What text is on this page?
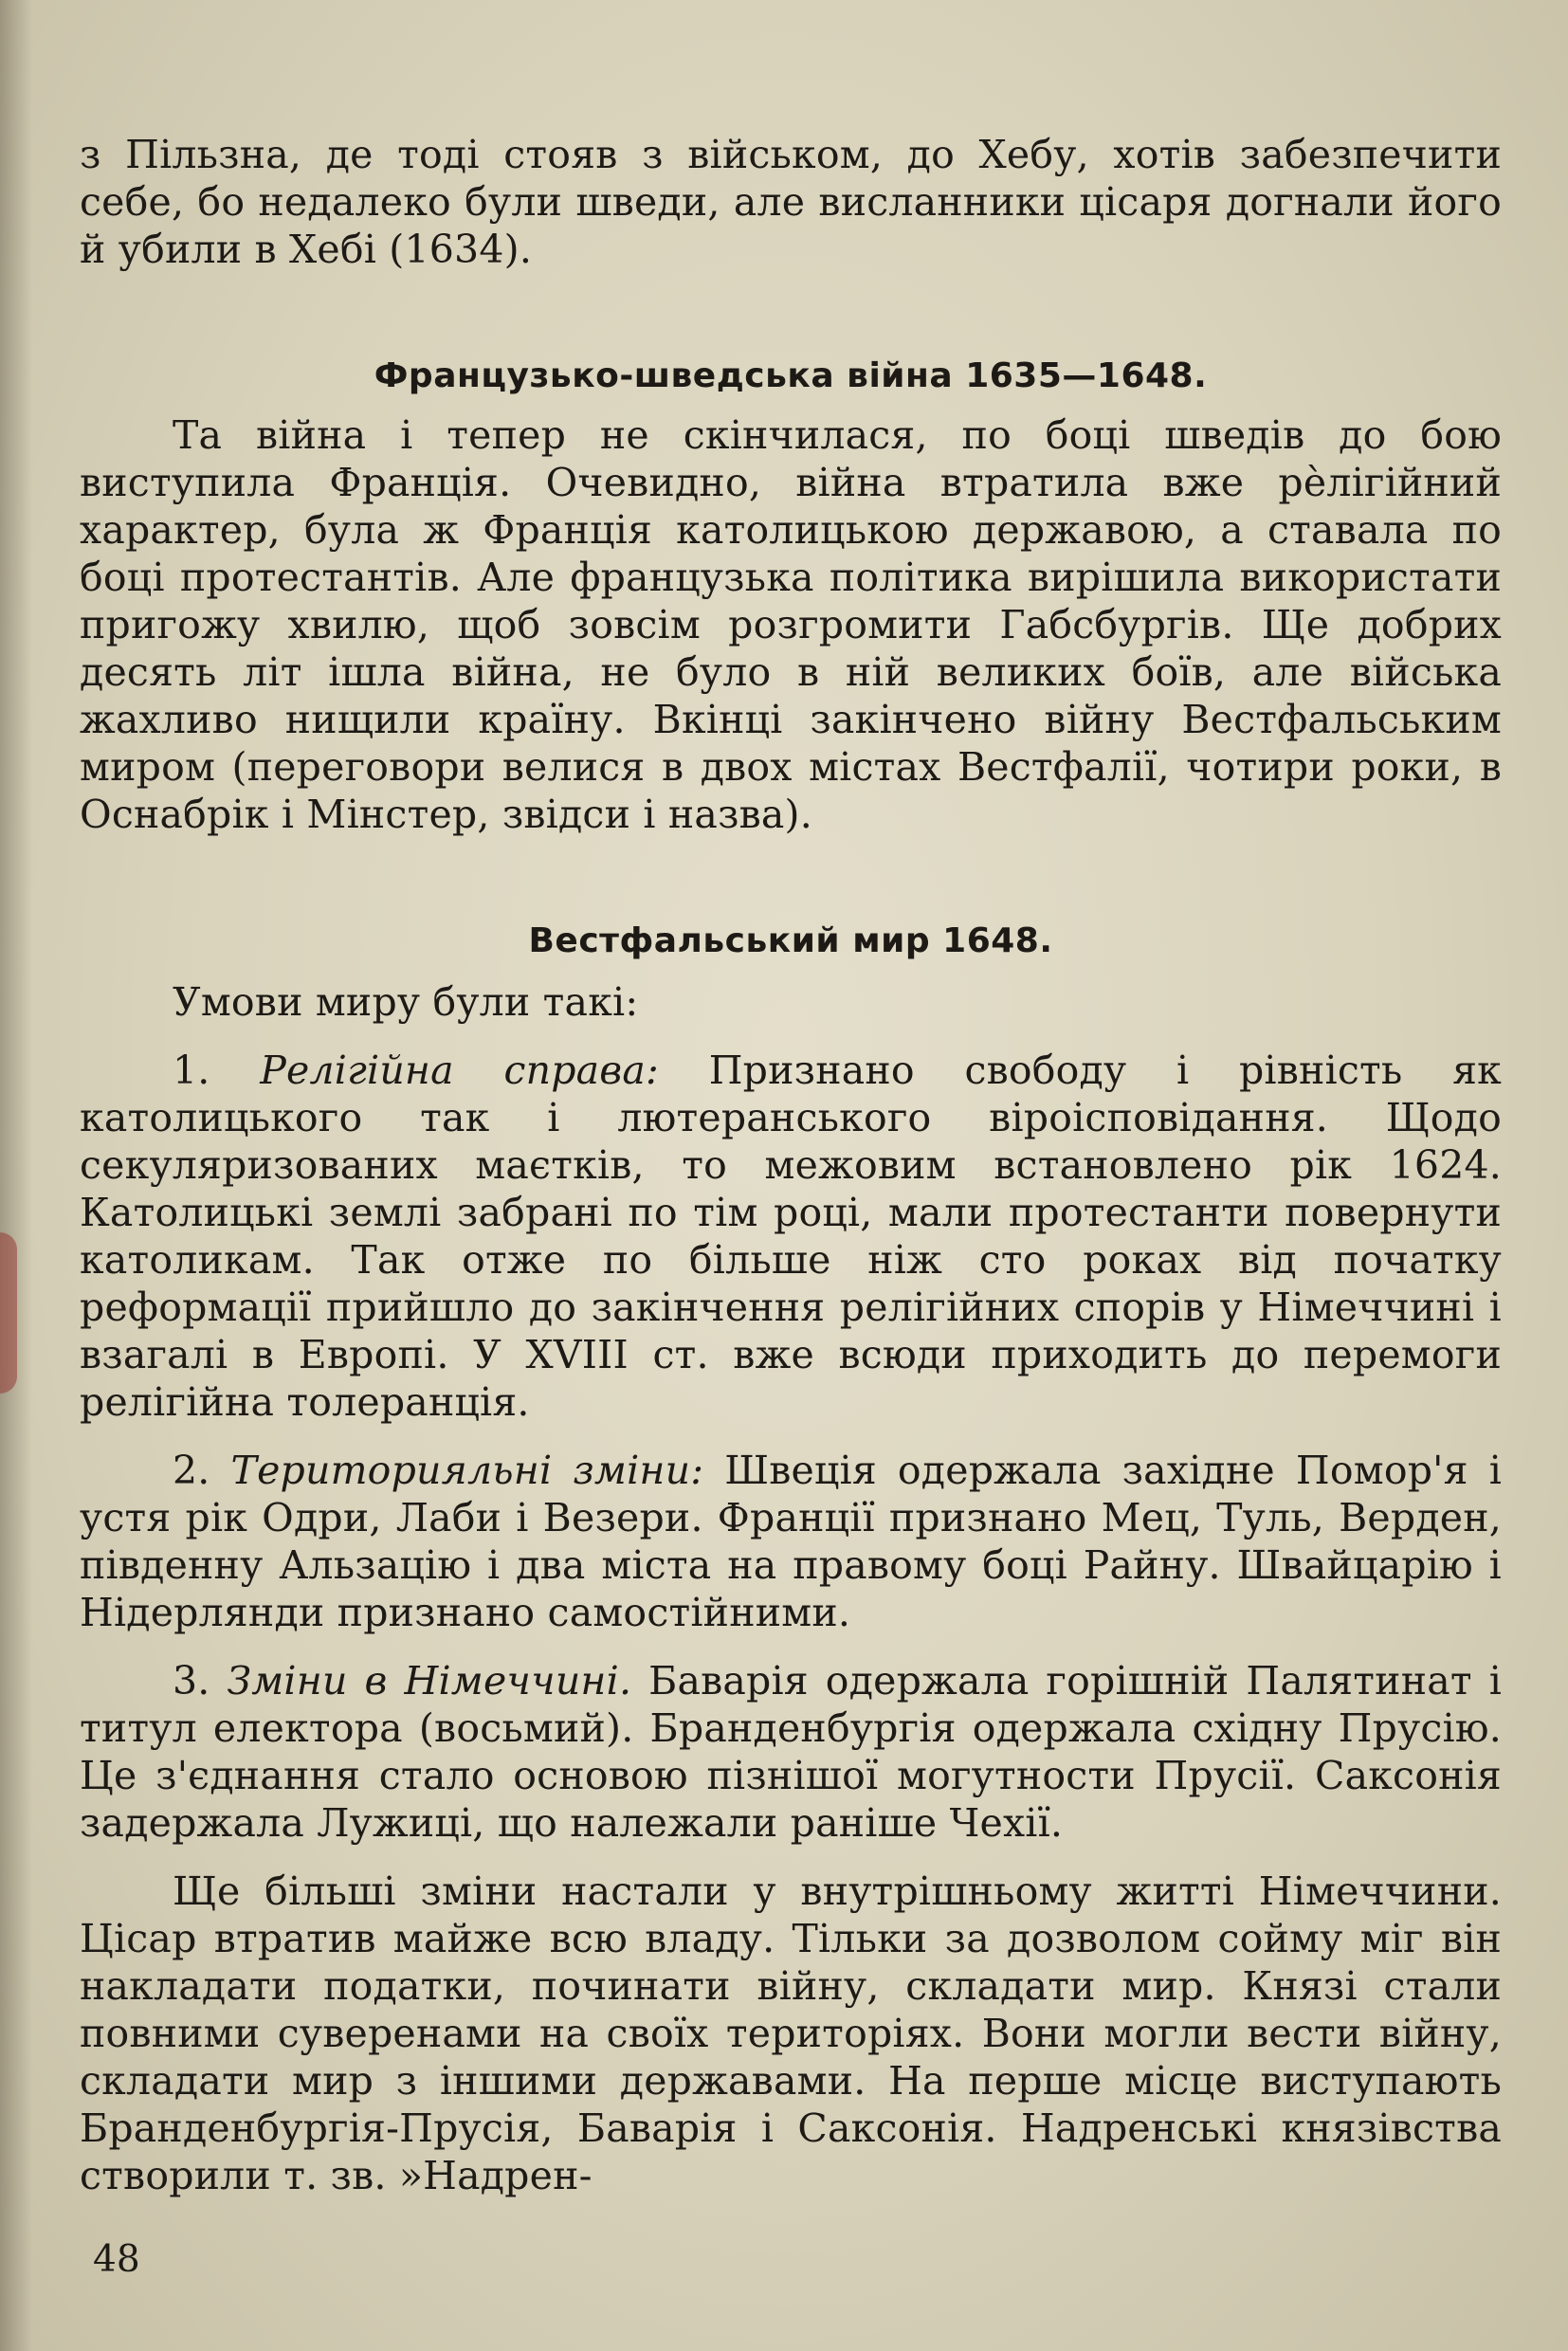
з Пільзна, де тоді стояв з військом, до Хебу, хотів забезпечити себе, бо недалеко були шведи, але висланники цісаря догнали його й убили в Хебі (1634).

Французько-шведська війна 1635—1648.

Та війна і тепер не скінчилася, по боці шведів до бою виступила Франція. Очевидно, війна втратила вже рèлігійний характер, була ж Франція католицькою державою, а ставала по боці протестантів. Але французька політика вирішила використати пригожу хвилю, щоб зовсім розгромити Габсбургів. Ще добрих десять літ ішла війна, не було в ній великих боїв, але війська жахливо нищили країну. Вкінці закінчено війну Вестфальським миром (переговори велися в двох містах Вестфалії, чотири роки, в Оснабрік і Мінстер, звідси і назва).

Вестфальський мир 1648.

Умови миру були такі:

1. Релігійна справа: Признано свободу і рівність як католицького так і лютеранського віроісповідання. Щодо секуляризованих маєтків, то межовим встановлено рік 1624. Католицькі землі забрані по тім році, мали протестанти повернути католикам. Так отже по більше ніж сто роках від початку реформації прийшло до закінчення релігійних спорів у Німеччині і взагалі в Европі. У XVIII ст. вже всюди приходить до перемоги релігійна толеранція.

2. Територияльні зміни: Швеція одержала західне Помор'я і устя рік Одри, Лаби і Везери. Франції признано Мец, Туль, Верден, південну Альзацію і два міста на правому боці Райну. Швайцарію і Нідерлянди признано самостійними.

3. Зміни в Німеччині. Баварія одержала горішній Палятинат і титул електора (восьмий). Бранденбургія одержала східну Прусію. Це з'єднання стало основою пізнішої могутности Прусії. Саксонія задержала Лужиці, що належали раніше Чехії.

Ще більші зміни настали у внутрішньому житті Німеччини. Цісар втратив майже всю владу. Тільки за дозволом сойму міг він накладати податки, починати війну, складати мир. Князі стали повними суверенами на своїх територіях. Вони могли вести війну, складати мир з іншими державами. На перше місце виступають Бранденбургія-Прусія, Баварія і Саксонія. Надренські князівства створили т. зв. »Надрен-

48
